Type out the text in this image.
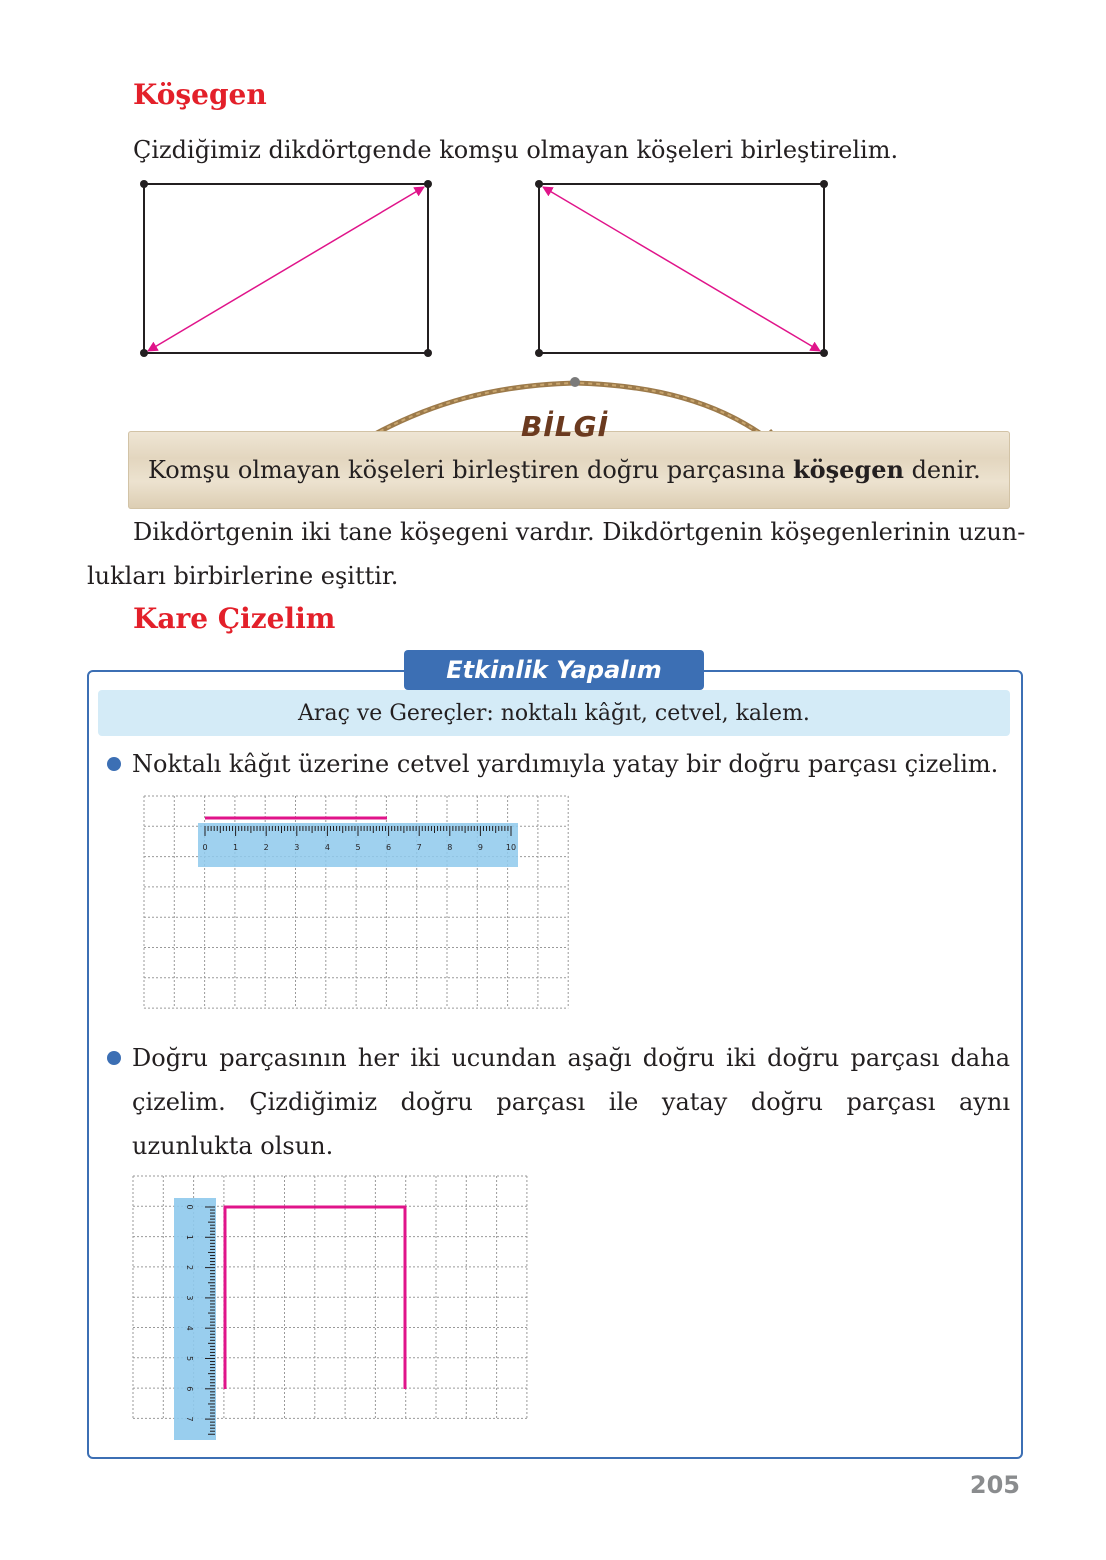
Köşegen

Çizdiğimiz dikdörtgende komşu olmayan köşeleri birleştirelim.

BİLGİ
Komşu olmayan köşeleri birleştiren doğru parçasına köşegen denir.

Dikdörtgenin iki tane köşegeni vardır. Dikdörtgenin köşegenlerinin uzun-

lukları birbirlerine eşittir.

Kare Çizelim
Etkinlik Yapalım
Araç ve Gereçler: noktalı kâğıt, cetvel, kalem.
Noktalı kâğıt üzerine cetvel yardımıyla yatay bir doğru parçası çizelim.
0	1	2	3	4	5	6	7	8	9	10
Doğru parçasının her iki ucundan aşağı doğru iki doğru parçası daha çizelim. Çizdiğimiz doğru parçası ile yatay doğru parçası aynı uzunlukta olsun.
0
1
2
3
4
5
6
7
205
